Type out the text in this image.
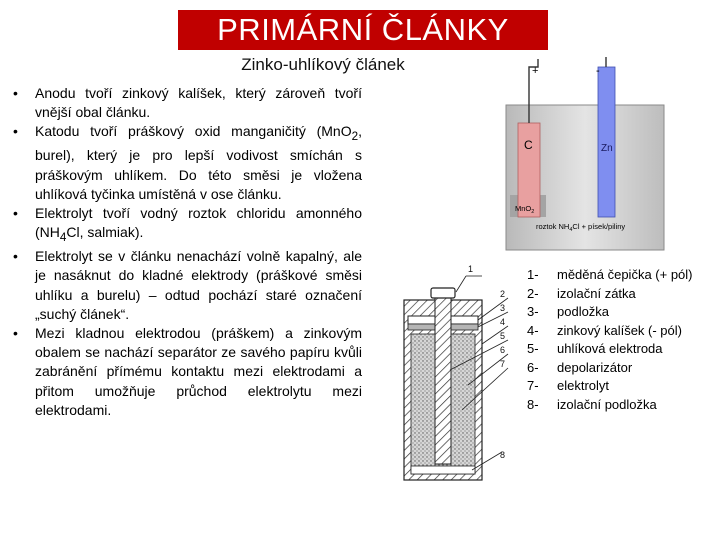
PRIMÁRNÍ ČLÁNKY
Zinko-uhlíkový článek
• Anodu tvoří zinkový kalíšek, který zároveň tvoří vnější obal článku.
• Katodu tvoří práškový oxid manganičitý (MnO$_2$, burel), který je pro lepší vodivost smíchán s práškovým uhlíkem. Do této směsi je vložena uhlíková tyčinka umístěná v ose článku.
• Elektrolyt tvoří vodný roztok chloridu amonného ($NH_4Cl$, salmiak).
• Elektrolyt se v článku nenachází volně kapalný, ale je nasáknut do kladné elektrody (práškové směsi uhlíku a burelu) – odtud pochází staré označení „suchý článek“.
• Mezi kladnou elektrodou (práškem) a zinkovým obalem se nachází separátor ze savého papíru kvůli zabránění přímému kontaktu mezi elektrodami a přitom umožňuje průchod elektrolytu mezi elektrodami.
+	-
C	Zn
MnO$_2$
roztok $NH_4Cl$ + písek/piliny
1
2
3
4
5
6
7
8
1- měděná čepička (+ pól)
2- izolační zátka
3- podložka
4- zinkový kalíšek (- pól)
5- uhlíková elektroda
6- depolarizátor
7- elektrolyt
8- izolační podložka
